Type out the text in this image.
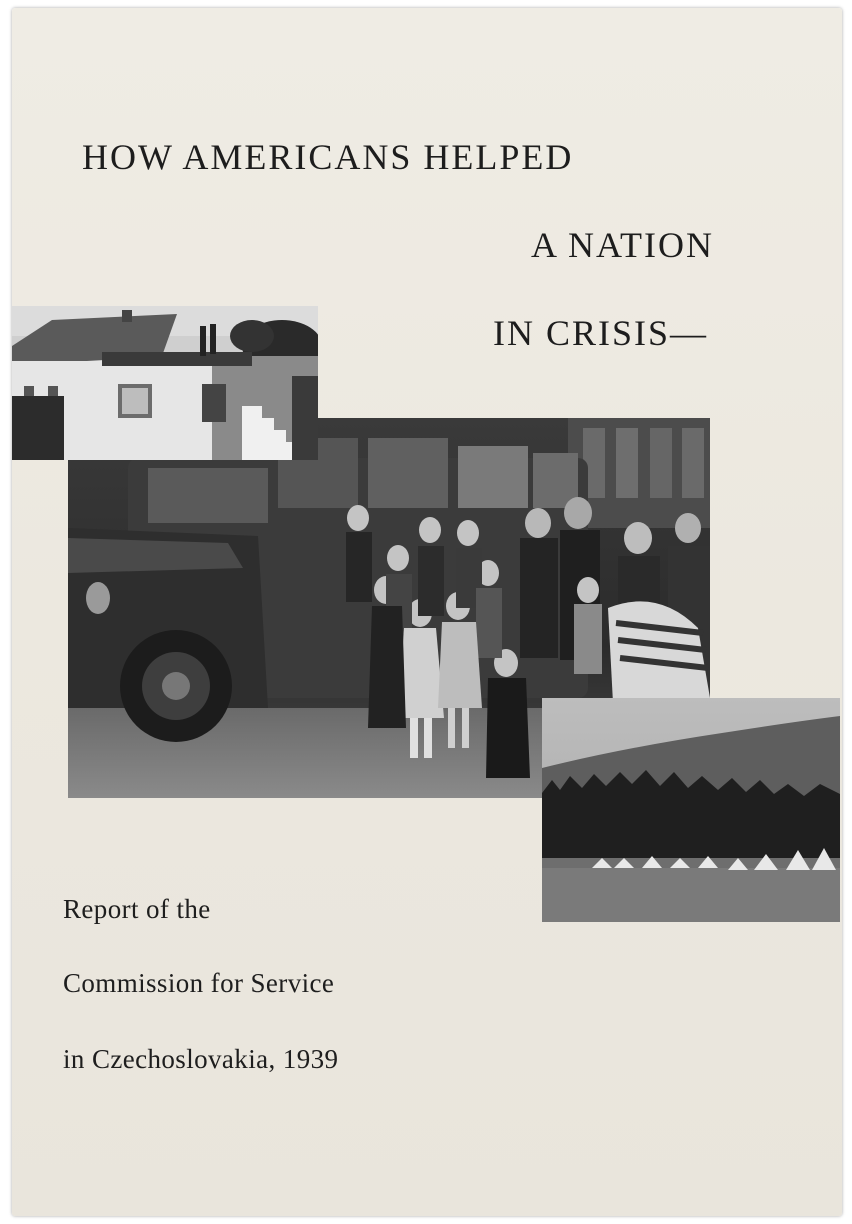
HOW AMERICANS HELPED
A NATION
IN CRISIS—

Report of the

Commission for Service

in Czechoslovakia, 1939
